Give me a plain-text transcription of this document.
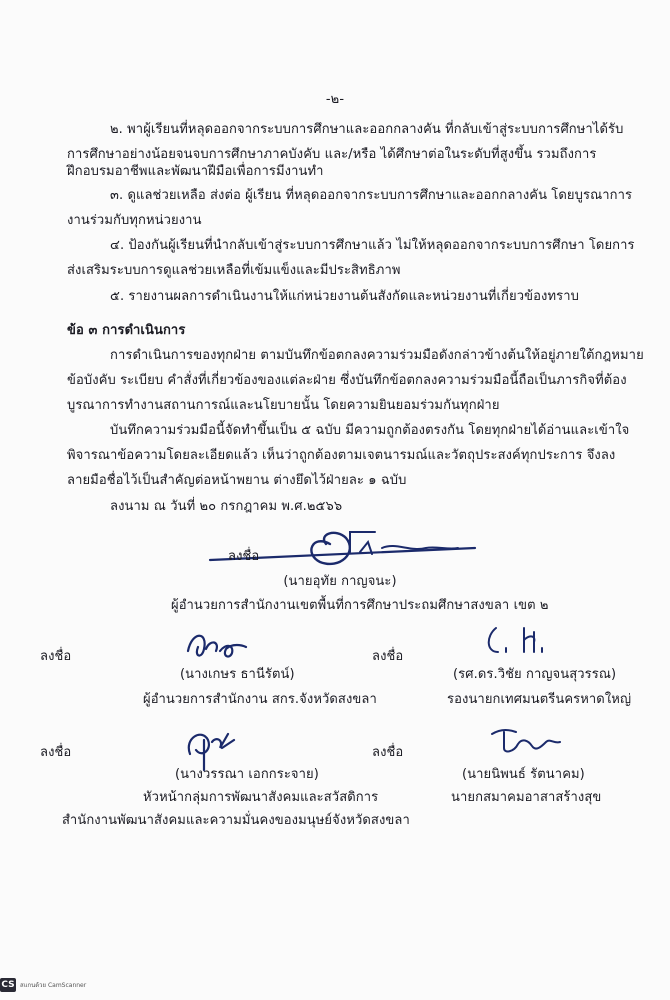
-๒-
๒. พาผู้เรียนที่หลุดออกจากระบบการศึกษาและออกกลางคัน ที่กลับเข้าสู่ระบบการศึกษาได้รับ
การศึกษาอย่างน้อยจนจบการศึกษาภาคบังคับ และ/หรือ ได้ศึกษาต่อในระดับที่สูงขึ้น รวมถึงการ
ฝึกอบรมอาชีพและพัฒนาฝีมือเพื่อการมีงานทำ
๓. ดูแลช่วยเหลือ ส่งต่อ ผู้เรียน ที่หลุดออกจากระบบการศึกษาและออกกลางคัน โดยบูรณาการ
งานร่วมกับทุกหน่วยงาน
๔. ป้องกันผู้เรียนที่นำกลับเข้าสู่ระบบการศึกษาแล้ว ไม่ให้หลุดออกจากระบบการศึกษา โดยการ
ส่งเสริมระบบการดูแลช่วยเหลือที่เข้มแข็งและมีประสิทธิภาพ
๕. รายงานผลการดำเนินงานให้แก่หน่วยงานต้นสังกัดและหน่วยงานที่เกี่ยวข้องทราบ
ข้อ ๓ การดำเนินการ
การดำเนินการของทุกฝ่าย ตามบันทึกข้อตกลงความร่วมมือดังกล่าวข้างต้นให้อยู่ภายใต้กฎหมาย
ข้อบังคับ ระเบียบ คำสั่งที่เกี่ยวข้องของแต่ละฝ่าย ซึ่งบันทึกข้อตกลงความร่วมมือนี้ถือเป็นภารกิจที่ต้อง
บูรณาการทำงานสถานการณ์และนโยบายนั้น โดยความยินยอมร่วมกันทุกฝ่าย
บันทึกความร่วมมือนี้จัดทำขึ้นเป็น ๕ ฉบับ มีความถูกต้องตรงกัน โดยทุกฝ่ายได้อ่านและเข้าใจ
พิจารณาข้อความโดยละเอียดแล้ว เห็นว่าถูกต้องตามเจตนารมณ์และวัตถุประสงค์ทุกประการ จึงลง
ลายมือชื่อไว้เป็นสำคัญต่อหน้าพยาน ต่างยึดไว้ฝ่ายละ ๑ ฉบับ
ลงนาม ณ วันที่ ๒๐ กรกฎาคม พ.ศ.๒๕๖๖
ลงชื่อ
(นายอุทัย กาญจนะ)
ผู้อำนวยการสำนักงานเขตพื้นที่การศึกษาประถมศึกษาสงขลา เขต ๒
ลงชื่อ
(นางเกษร ธานีรัตน์)
ผู้อำนวยการสำนักงาน สกร.จังหวัดสงขลา
ลงชื่อ
(รศ.ดร.วิชัย กาญจนสุวรรณ)
รองนายกเทศมนตรีนครหาดใหญ่
ลงชื่อ
(นางวรรณา เอกกระจาย)
หัวหน้ากลุ่มการพัฒนาสังคมและสวัสดิการ
สำนักงานพัฒนาสังคมและความมั่นคงของมนุษย์จังหวัดสงขลา
ลงชื่อ
(นายนิพนธ์ รัตนาคม)
นายกสมาคมอาสาสร้างสุข
CS สแกนด้วย CamScanner
